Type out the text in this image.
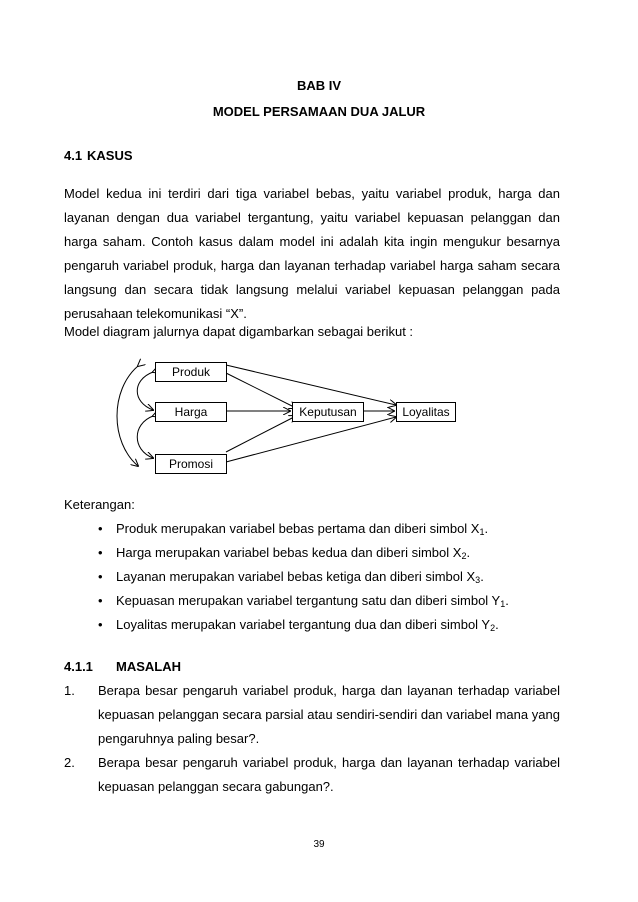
BAB IV
MODEL PERSAMAAN DUA JALUR
4.1 KASUS
Model kedua ini terdiri dari tiga variabel bebas, yaitu variabel produk, harga dan
layanan dengan dua variabel tergantung, yaitu variabel kepuasan pelanggan dan
harga saham. Contoh kasus dalam model ini adalah kita ingin mengukur besarnya
pengaruh variabel produk, harga dan layanan terhadap variabel harga saham secara
langsung dan secara tidak langsung melalui variabel kepuasan pelanggan pada
perusahaan telekomunikasi “X”.
Model diagram jalurnya dapat digambarkan sebagai berikut :
Produk
Harga
Promosi
Keputusan	Loyalitas
Keterangan:
• Produk merupakan variabel bebas pertama dan diberi simbol $X_1$.
• Harga merupakan variabel bebas kedua dan diberi simbol $X_2$.
• Layanan merupakan variabel bebas ketiga dan diberi simbol $X_3$.
• Kepuasan merupakan variabel tergantung satu dan diberi simbol $Y_1$.
• Loyalitas merupakan variabel tergantung dua dan diberi simbol $Y_2$.
4.1.1 MASALAH
1. Berapa besar pengaruh variabel produk, harga dan layanan terhadap variabel
kepuasan pelanggan secara parsial atau sendiri-sendiri dan variabel mana yang
pengaruhnya paling besar?.
2. Berapa besar pengaruh variabel produk, harga dan layanan terhadap variabel
kepuasan pelanggan secara gabungan?.
39
